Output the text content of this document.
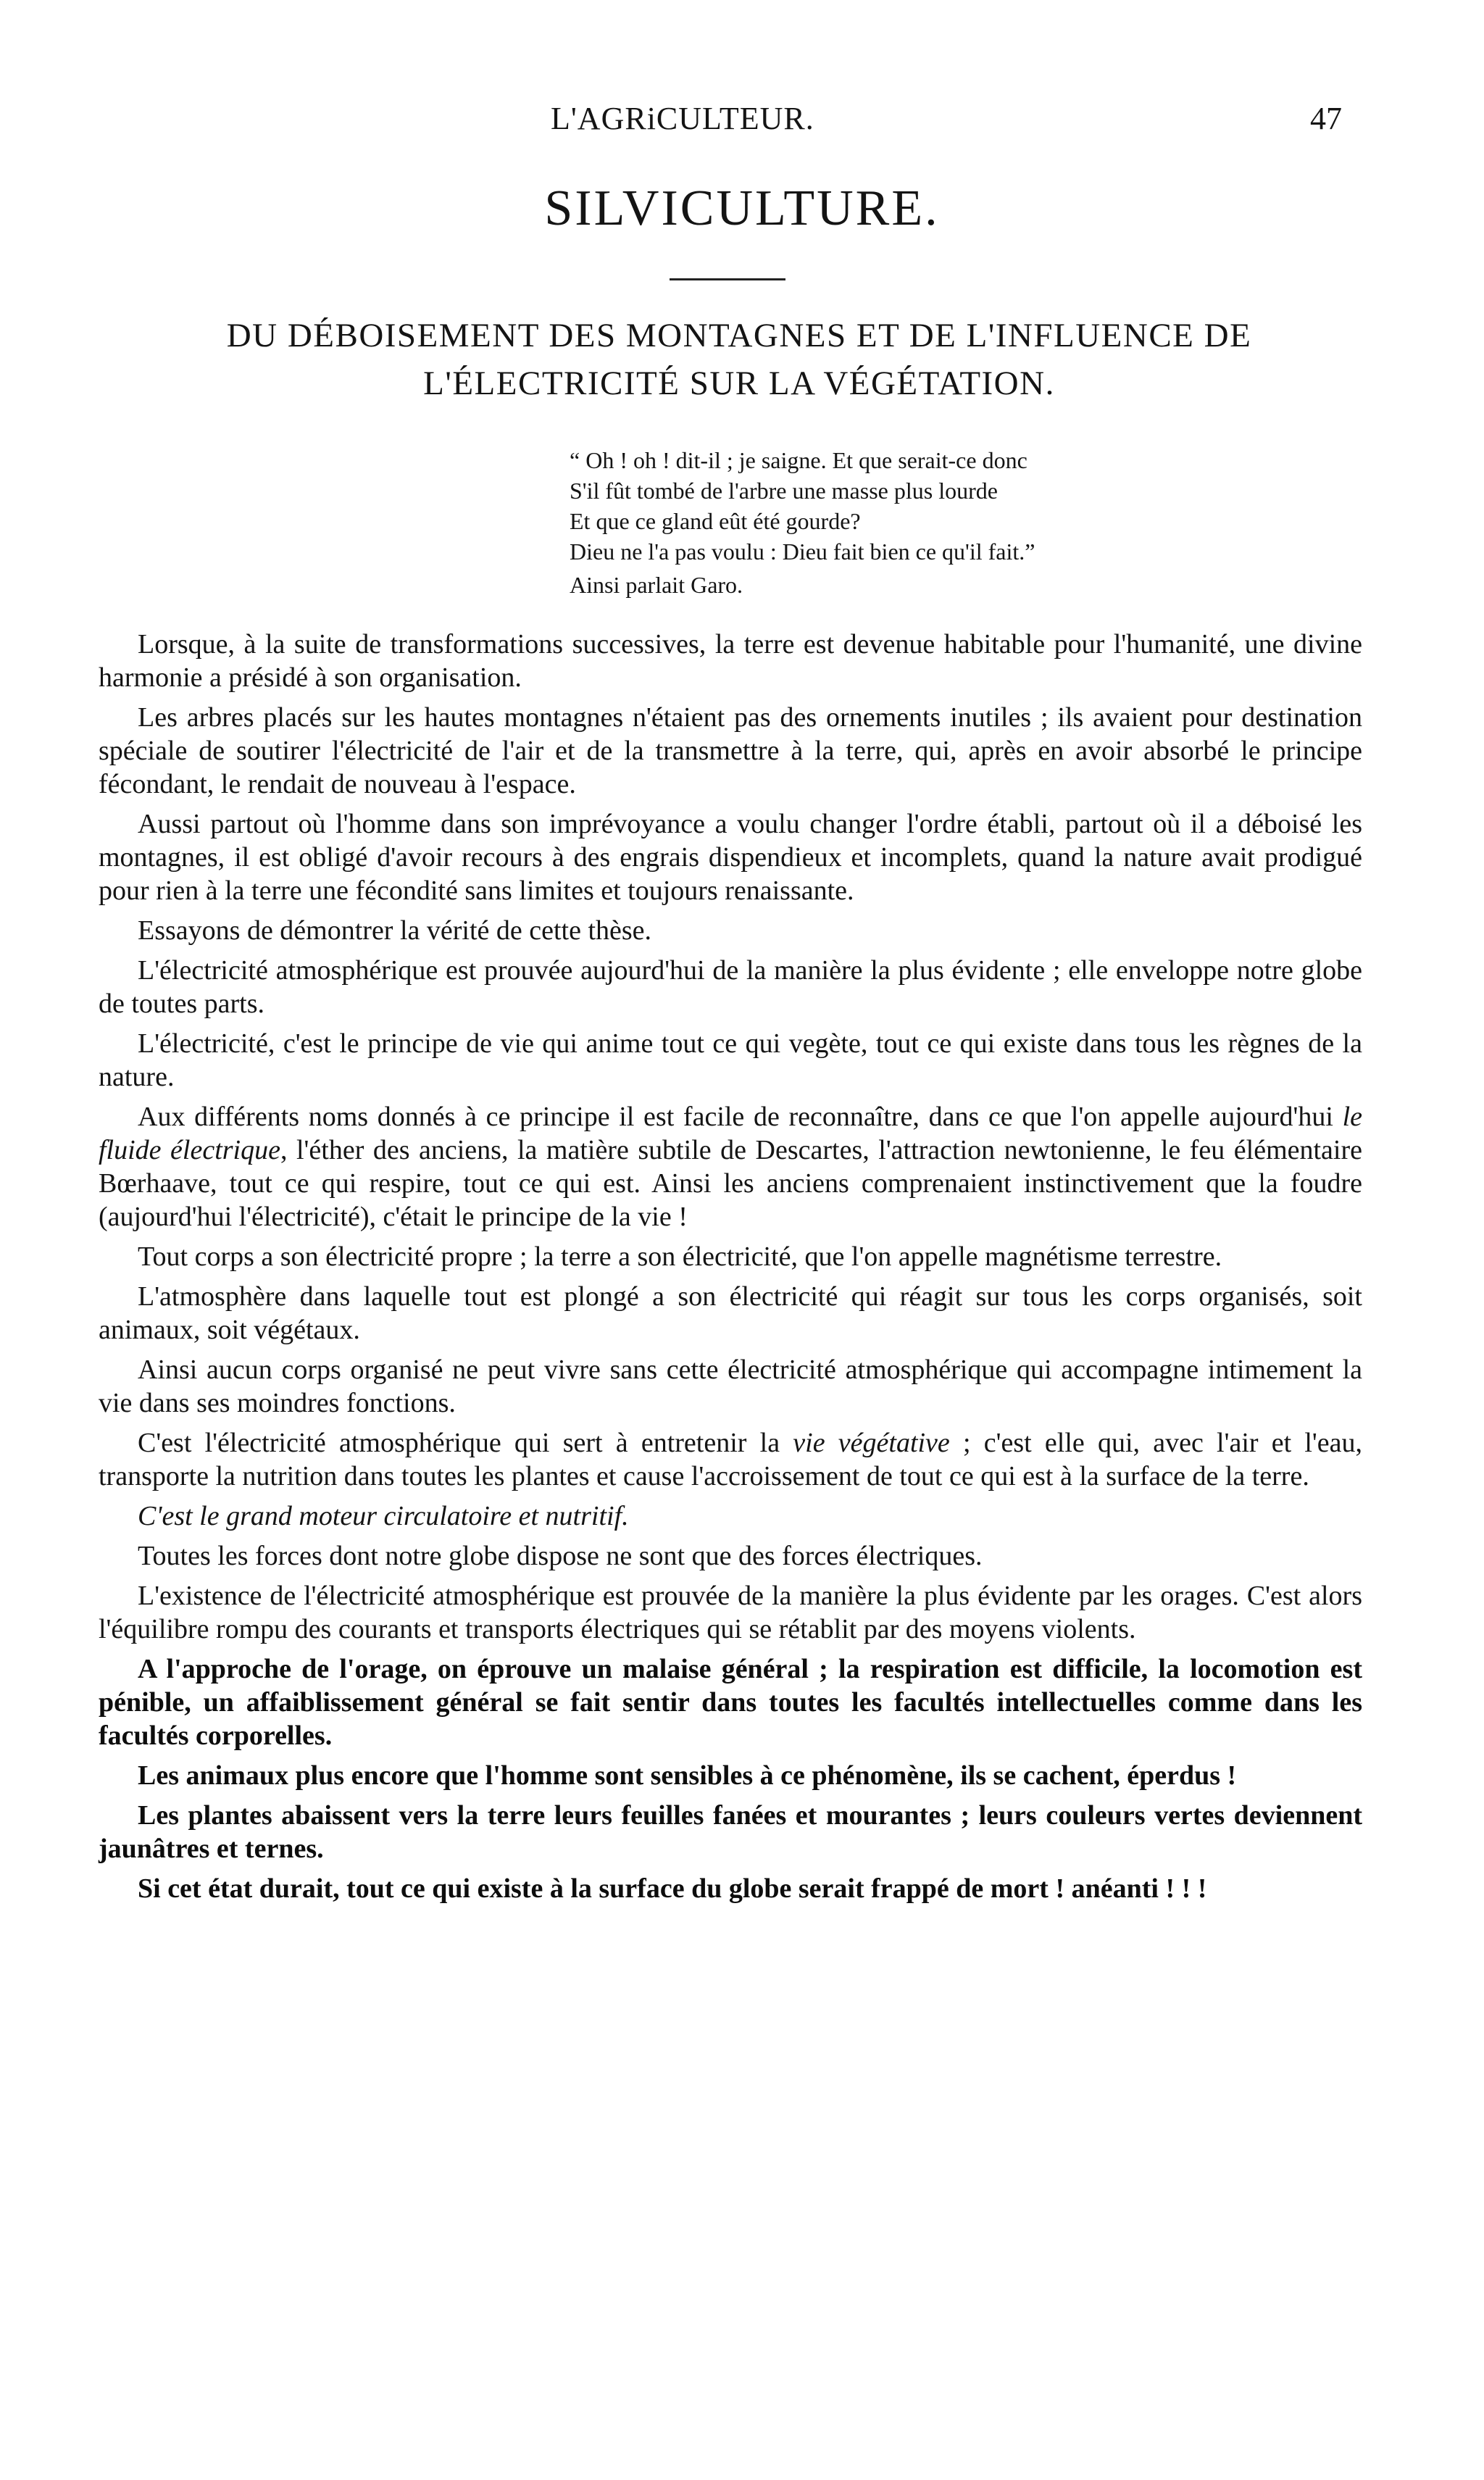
L'AGRiCULTEUR.	47
SILVICULTURE.
DU DÉBOISEMENT DES MONTAGNES ET DE L'INFLUENCE DE L'ÉLECTRICITÉ SUR LA VÉGÉTATION.
“ Oh ! oh ! dit-il ; je saigne. Et que serait-ce donc
S'il fût tombé de l'arbre une masse plus lourde
Et que ce gland eût été gourde?
Dieu ne l'a pas voulu : Dieu fait bien ce qu'il fait.”
Ainsi parlait Garo.

Lorsque, à la suite de transformations successives, la terre est devenue habitable pour l'humanité, une divine harmonie a présidé à son organisation.

Les arbres placés sur les hautes montagnes n'étaient pas des ornements inutiles ; ils avaient pour destination spéciale de soutirer l'électricité de l'air et de la transmettre à la terre, qui, après en avoir absorbé le principe fécondant, le rendait de nouveau à l'espace.

Aussi partout où l'homme dans son imprévoyance a voulu changer l'ordre établi, partout où il a déboisé les montagnes, il est obligé d'avoir recours à des engrais dispendieux et incomplets, quand la nature avait prodigué pour rien à la terre une fécondité sans limites et toujours renaissante.

Essayons de démontrer la vérité de cette thèse.

L'électricité atmosphérique est prouvée aujourd'hui de la manière la plus évidente ; elle enveloppe notre globe de toutes parts.

L'électricité, c'est le principe de vie qui anime tout ce qui vegète, tout ce qui existe dans tous les règnes de la nature.

Aux différents noms donnés à ce principe il est facile de reconnaître, dans ce que l'on appelle aujourd'hui le fluide électrique, l'éther des anciens, la matière subtile de Descartes, l'attraction newtonienne, le feu élémentaire Bœrhaave, tout ce qui respire, tout ce qui est. Ainsi les anciens comprenaient instinctivement que la foudre (aujourd'hui l'électricité), c'était le principe de la vie !

Tout corps a son électricité propre ; la terre a son électricité, que l'on appelle magnétisme terrestre.

L'atmosphère dans laquelle tout est plongé a son électricité qui réagit sur tous les corps organisés, soit animaux, soit végétaux.

Ainsi aucun corps organisé ne peut vivre sans cette électricité atmosphérique qui accompagne intimement la vie dans ses moindres fonctions.

C'est l'électricité atmosphérique qui sert à entretenir la vie végétative ; c'est elle qui, avec l'air et l'eau, transporte la nutrition dans toutes les plantes et cause l'accroissement de tout ce qui est à la surface de la terre.

C'est le grand moteur circulatoire et nutritif.

Toutes les forces dont notre globe dispose ne sont que des forces électriques.

L'existence de l'électricité atmosphérique est prouvée de la manière la plus évidente par les orages. C'est alors l'équilibre rompu des courants et transports électriques qui se rétablit par des moyens violents.

A l'approche de l'orage, on éprouve un malaise général ; la respiration est difficile, la locomotion est pénible, un affaiblissement général se fait sentir dans toutes les facultés intellectuelles comme dans les facultés corporelles.

Les animaux plus encore que l'homme sont sensibles à ce phénomène, ils se cachent, éperdus !

Les plantes abaissent vers la terre leurs feuilles fanées et mourantes ; leurs couleurs vertes deviennent jaunâtres et ternes.

Si cet état durait, tout ce qui existe à la surface du globe serait frappé de mort ! anéanti ! ! !
